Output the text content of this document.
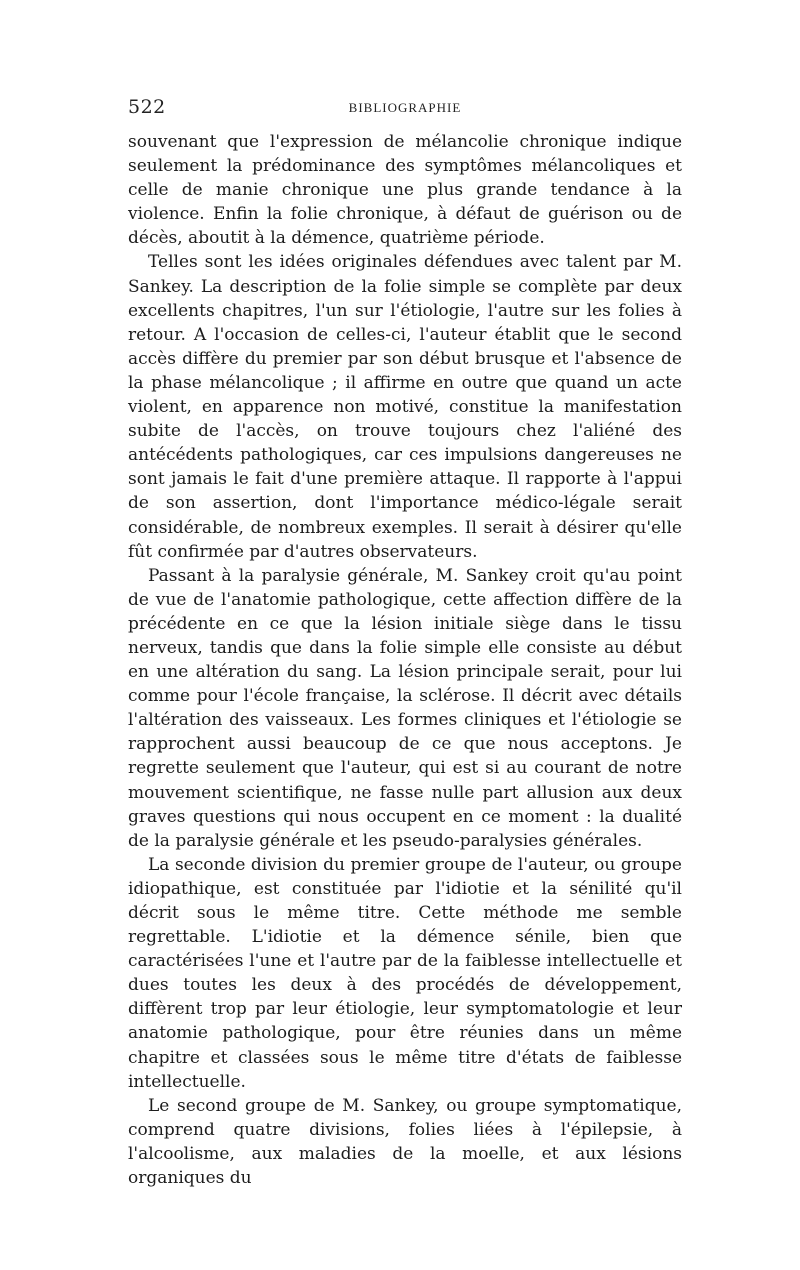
522	BIBLIOGRAPHIE

souvenant que l'expression de mélancolie chronique indique seulement la prédominance des symptômes mélancoliques et celle de manie chronique une plus grande tendance à la violence. Enfin la folie chronique, à défaut de guérison ou de décès, aboutit à la démence, quatrième période.

Telles sont les idées originales défendues avec talent par M. Sankey. La description de la folie simple se complète par deux excellents chapitres, l'un sur l'étiologie, l'autre sur les folies à retour. A l'occasion de celles-ci, l'auteur établit que le second accès diffère du premier par son début brusque et l'absence de la phase mélancolique ; il affirme en outre que quand un acte violent, en apparence non motivé, constitue la manifestation subite de l'accès, on trouve toujours chez l'aliéné des antécédents pathologiques, car ces impulsions dangereuses ne sont jamais le fait d'une première attaque. Il rapporte à l'appui de son assertion, dont l'importance médico-légale serait considérable, de nombreux exemples. Il serait à désirer qu'elle fût confirmée par d'autres observateurs.

Passant à la paralysie générale, M. Sankey croit qu'au point de vue de l'anatomie pathologique, cette affection diffère de la précédente en ce que la lésion initiale siège dans le tissu nerveux, tandis que dans la folie simple elle consiste au début en une altération du sang. La lésion principale serait, pour lui comme pour l'école française, la sclérose. Il décrit avec détails l'altération des vaisseaux. Les formes cliniques et l'étiologie se rapprochent aussi beaucoup de ce que nous acceptons. Je regrette seulement que l'auteur, qui est si au courant de notre mouvement scientifique, ne fasse nulle part allusion aux deux graves questions qui nous occupent en ce moment : la dualité de la paralysie générale et les pseudo-paralysies générales.

La seconde division du premier groupe de l'auteur, ou groupe idiopathique, est constituée par l'idiotie et la sénilité qu'il décrit sous le même titre. Cette méthode me semble regrettable. L'idiotie et la démence sénile, bien que caractérisées l'une et l'autre par de la faiblesse intellectuelle et dues toutes les deux à des procédés de développement, diffèrent trop par leur étiologie, leur symptomatologie et leur anatomie pathologique, pour être réunies dans un même chapitre et classées sous le même titre d'états de faiblesse intellectuelle.

Le second groupe de M. Sankey, ou groupe symptomatique, comprend quatre divisions, folies liées à l'épilepsie, à l'alcoolisme, aux maladies de la moelle, et aux lésions organiques du
